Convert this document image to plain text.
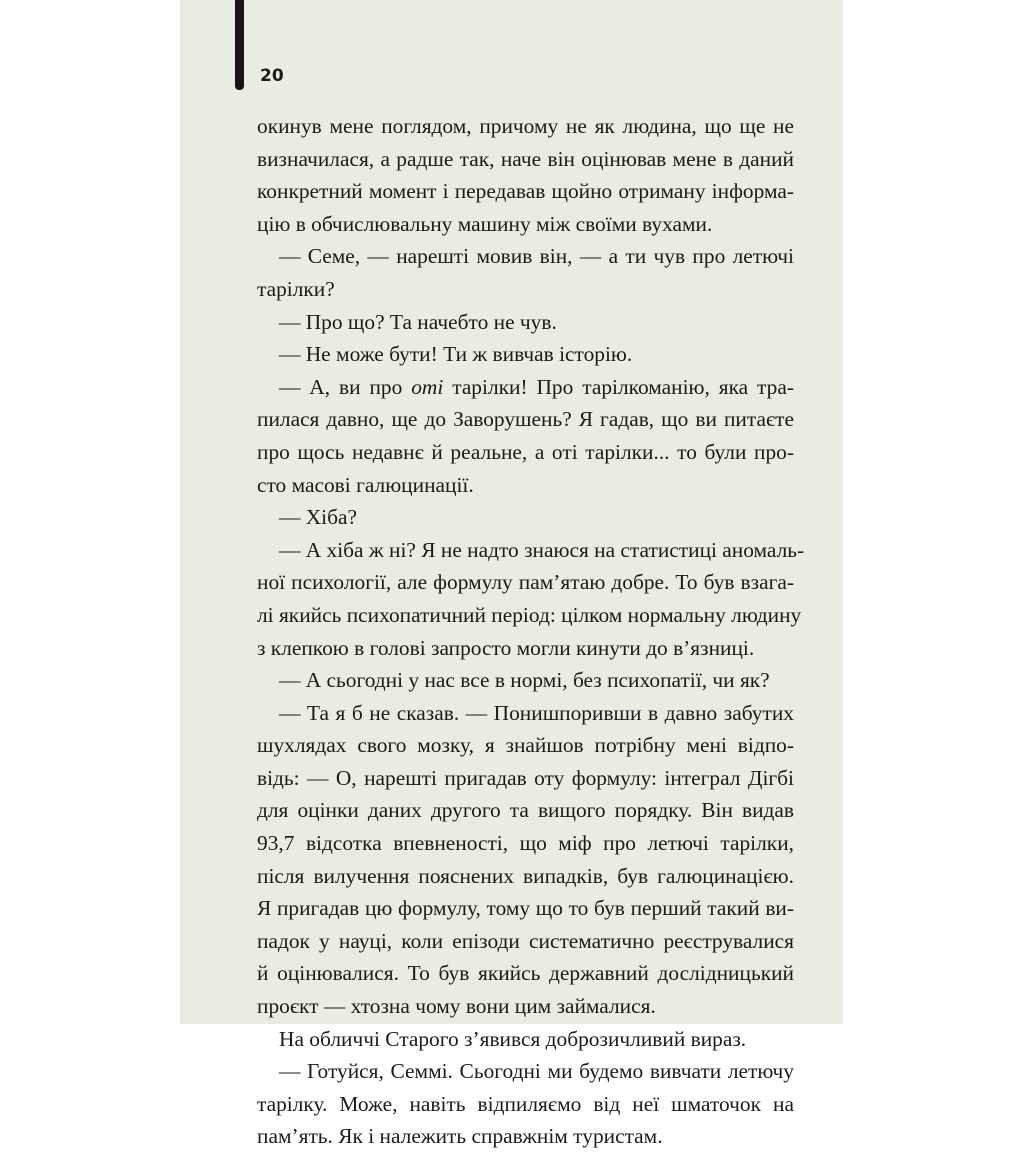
20
окинув мене поглядом, причому не як людина, що ще не
визначилася, а радше так, наче він оцінював мене в даний
конкретний момент і передавав щойно отриману інформа-
цію в обчислювальну машину між своїми вухами.
— Семе, — нарешті мовив він, — а ти чув про летючі
тарілки?
— Про що? Та начебто не чув.
— Не може бути! Ти ж вивчав історію.
— А, ви про оті тарілки! Про тарілкоманію, яка тра-
пилася давно, ще до Заворушень? Я гадав, що ви питаєте
про щось недавнє й реальне, а оті тарілки... то були про-
сто масові галюцинації.
— Хіба?
— А хіба ж ні? Я не надто знаюся на статистиці аномаль-
ної психології, але формулу пам’ятаю добре. То був взага-
лі якийсь психопатичний період: цілком нормальну людину
з клепкою в голові запросто могли кинути до в’язниці.
— А сьогодні у нас все в нормі, без психопатії, чи як?
— Та я б не сказав. — Понишпоривши в давно забутих
шухлядах свого мозку, я знайшов потрібну мені відпо-
відь: — О, нарешті пригадав оту формулу: інтеграл Дігбі
для оцінки даних другого та вищого порядку. Він видав
93,7 відсотка впевненості, що міф про летючі тарілки,
після вилучення пояснених випадків, був галюцинацією.
Я пригадав цю формулу, тому що то був перший такий ви-
падок у науці, коли епізоди систематично реєструвалися
й оцінювалися. То був якийсь державний дослідницький
проєкт — хтозна чому вони цим займалися.
На обличчі Старого з’явився доброзичливий вираз.
— Готуйся, Семмі. Сьогодні ми будемо вивчати летючу
тарілку. Може, навіть відпиляємо від неї шматочок на
пам’ять. Як і належить справжнім туристам.
